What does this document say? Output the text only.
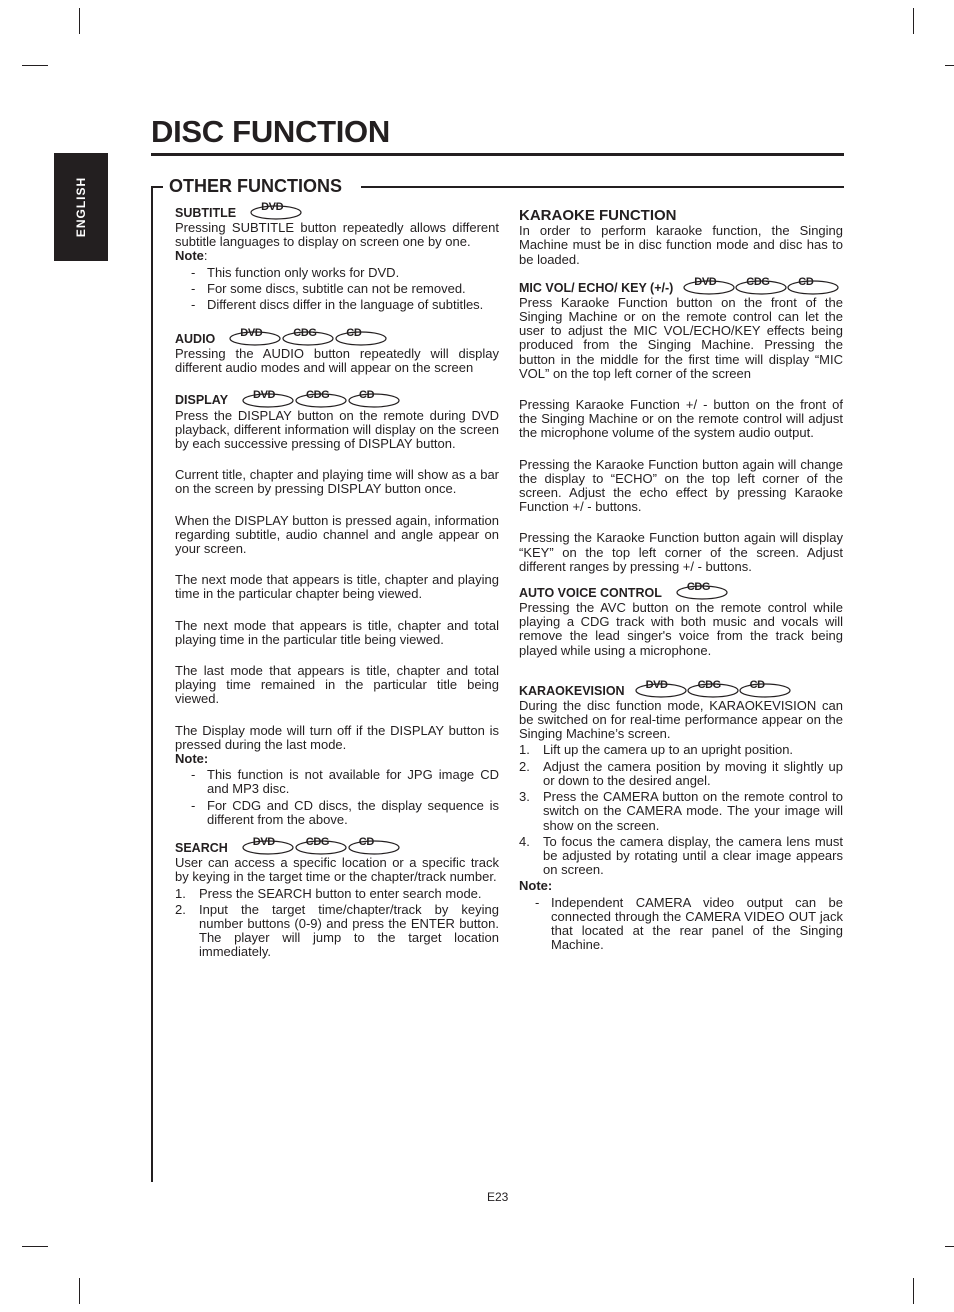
DISC FUNCTION
ENGLISH	OTHER FUNCTIONS
SUBTITLE DVD

Pressing SUBTITLE button repeatedly allows different subtitle languages to display on screen one by one.

Note:
- This function only works for DVD.
- For some discs, subtitle can not be removed.
- Different discs differ in the language of subtitles.
AUDIO DVD	CDG	CD

Pressing the AUDIO button repeatedly will display different audio modes and will appear on the screen

DISPLAY DVD	CDG	CD

Press the DISPLAY button on the remote during DVD playback, different information will display on the screen by each successive pressing of DISPLAY button.

Current title, chapter and playing time will show as a bar on the screen by pressing DISPLAY button once.

When the DISPLAY button is pressed again, information regarding subtitle, audio channel and angle appear on your screen.

The next mode that appears is title, chapter and playing time in the particular chapter being viewed.

The next mode that appears is title, chapter and total playing time in the particular title being viewed.

The last mode that appears is title, chapter and total playing time remained in the particular title being viewed.

The Display mode will turn off if the DISPLAY button is pressed during the last mode.

Note:
- This function is not available for JPG image CD and MP3 disc.
- For CDG and CD discs, the display sequence is different from the above.
SEARCH DVD	CDG	CD

User can access a specific location or a specific track by keying in the target time or the chapter/track number.

1. Press the SEARCH button to enter search mode.
2. Input the target time/chapter/track by keying number buttons (0-9) and press the ENTER button. The player will jump to the target location immediately.
KARAOKE FUNCTION

In order to perform karaoke function, the Singing Machine must be in disc function mode and disc has to be loaded.

MIC VOL/ ECHO/ KEY (+/-) DVD	CDG	CD

Press Karaoke Function button on the front of the Singing Machine or on the remote control can let the user to adjust the MIC VOL/ECHO/KEY effects being produced from the Singing Machine. Pressing the button in the middle for the first time will display “MIC VOL” on the top left corner of the screen

Pressing Karaoke Function +/ - button on the front of the Singing Machine or on the remote control will adjust the microphone volume of the system audio output.

Pressing the Karaoke Function button again will change the display to “ECHO” on the top left corner of the screen. Adjust the echo effect by pressing Karaoke Function +/ - buttons.

Pressing the Karaoke Function button again will display “KEY” on the top left corner of the screen. Adjust different ranges by pressing +/ - buttons.

AUTO VOICE CONTROL CDG

Pressing the AVC button on the remote control while playing a CDG track with both music and vocals will remove the lead singer's voice from the track being played while using a microphone.

KARAOKEVISION DVD	CDG	CD

During the disc function mode, KARAOKEVISION can be switched on for real-time performance appear on the Singing Machine’s screen.

1. Lift up the camera up to an upright position.
2. Adjust the camera position by moving it slightly up or down to the desired angel.
3. Press the CAMERA button on the remote control to switch on the CAMERA mode. The your image will show on the screen.
4. To focus the camera display, the camera lens must be adjusted by rotating until a clear image appears on screen.
Note:
- Independent CAMERA video output can be connected through the CAMERA VIDEO OUT jack that located at the rear panel of the Singing Machine.
E23
